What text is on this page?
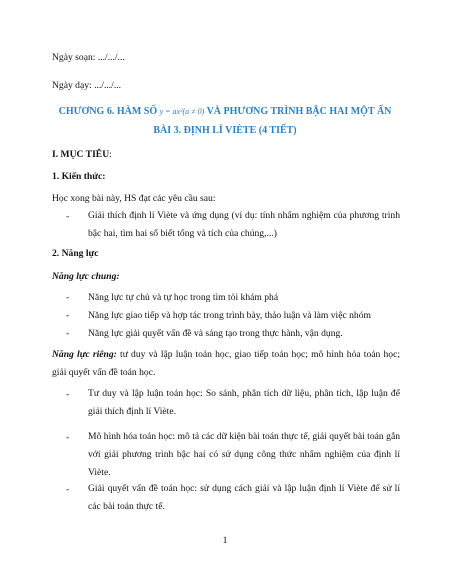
Ngày soạn: .../.../...
Ngày dạy: .../.../...
CHƯƠNG 6. HÀM SỐ y = ax²(a ≠ 0) VÀ PHƯƠNG TRÌNH BẬC HAI MỘT ẨN
BÀI 3. ĐỊNH LÍ VIÈTE (4 TIẾT)
I. MỤC TIÊU:
1. Kiến thức:
Học xong bài này, HS đạt các yêu cầu sau:
- Giải thích định lí Viète và ứng dụng (ví dụ: tính nhẩm nghiệm của phương trình bậc hai, tìm hai số biết tổng và tích của chúng,...)
2. Năng lực
Năng lực chung:
- Năng lực tự chủ và tự học trong tìm tòi khám phá
- Năng lực giao tiếp và hợp tác trong trình bày, thảo luận và làm việc nhóm
- Năng lực giải quyết vấn đề và sáng tạo trong thực hành, vận dụng.
Năng lực riêng: tư duy và lập luận toán học, giao tiếp toán học; mô hình hóa toán học; giải quyết vấn đề toán học.
- Tư duy và lập luận toán học: So sánh, phân tích dữ liệu, phân tích, lập luận để giải thích định lí Viète.
- Mô hình hóa toán học: mô tả các dữ kiện bài toán thực tế, giải quyết bài toán gắn với giải phương trình bậc hai có sử dụng công thức nhẩm nghiệm của định lí Viète.
- Giải quyết vấn đề toán học: sử dụng cách giải và lập luận định lí Viète để sử lí các bài toán thực tế.
1
